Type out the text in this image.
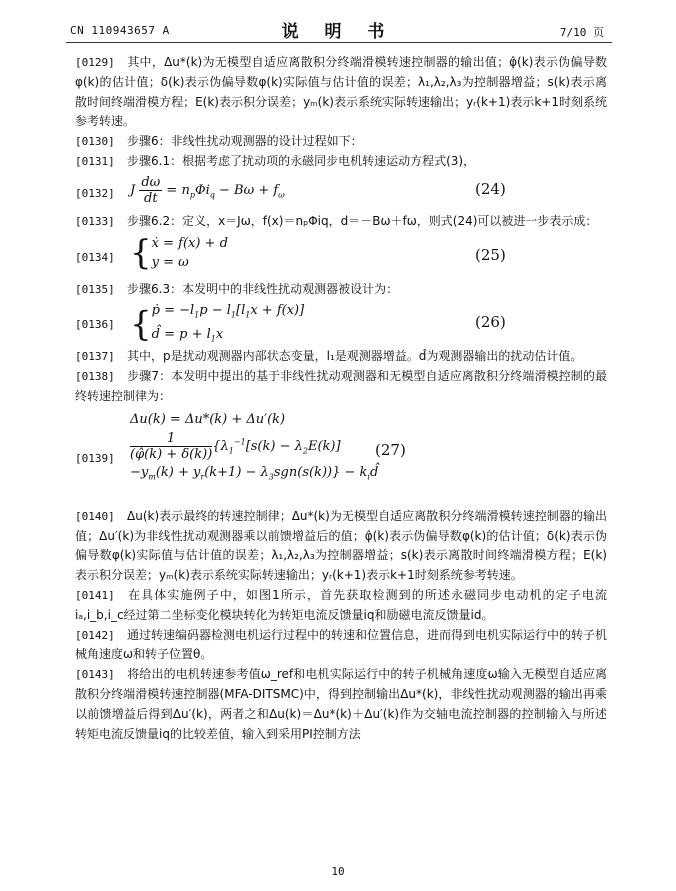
CN 110943657 A	说 明 书	7/10 页

[0129] 其中，Δu*(k)为无模型自适应离散积分终端滑模转速控制器的输出值；φ̂(k)表示伪偏导数φ(k)的估计值；δ(k)表示伪偏导数φ(k)实际值与估计值的误差；λ₁,λ₂,λ₃为控制器增益；s(k)表示离散时间终端滑模方程；E(k)表示积分误差；yₘ(k)表示系统实际转速输出；yᵣ(k+1)表示k+1时刻系统参考转速。

[0130] 步骤6：非线性扰动观测器的设计过程如下：

[0131] 步骤6.1：根据考虑了扰动项的永磁同步电机转速运动方程式(3)，

[0132]	J $\frac{d\omega}{dt} = n_p\Phi i_q - B\omega + f_\omega$	(24)

[0133] 步骤6.2：定义，x＝Jω，f(x)＝nₚΦiq，d＝－Bω＋fω，则式(24)可以被进一步表示成：

[0134] {ẋ = f(x) + d
y = ω	(25)

[0135] 步骤6.3：本发明中的非线性扰动观测器被设计为：

[0136] {ṗ = $-l_1p - l_1[l_1x + f(x)]$
d̂ = $p + l_1x$
(26)

[0137] 其中，p是扰动观测器内部状态变量，l₁是观测器增益。d̂为观测器输出的扰动估计值。

[0138] 步骤7：本发明中提出的基于非线性扰动观测器和无模型自适应离散积分终端滑模控制的最终转速控制律为：

[0139]
Δu(k) = Δu*(k) + Δu′(k)

$\frac{1}{(\varphî(k) + \delta(k))} \{\lambda_1^{-1}[s(k) - \lambda_2E(k)]$
$-y_m(k) + y_r(k+1) - \lambda_3sgn(s(k))$} − $k_id̂$
(27)

[0140] Δu(k)表示最终的转速控制律；Δu*(k)为无模型自适应离散积分终端滑模转速控制器的输出值；Δu′(k)为非线性扰动观测器乘以前馈增益后的值；φ̂(k)表示伪偏导数φ(k)的估计值；δ(k)表示伪偏导数φ(k)实际值与估计值的误差；λ₁,λ₂,λ₃为控制器增益；s(k)表示离散时间终端滑模方程；E(k)表示积分误差；yₘ(k)表示系统实际转速输出；yᵣ(k+1)表示k+1时刻系统参考转速。

[0141] 在具体实施例子中，如图1所示，首先获取检测到的所述永磁同步电动机的定子电流iₐ,i_b,i_c经过第二坐标变化模块转化为转矩电流反馈量iq和励磁电流反馈量id。

[0142] 通过转速编码器检测电机运行过程中的转速和位置信息，进而得到电机实际运行中的转子机械角速度ω和转子位置θ。

[0143] 将给出的电机转速参考值ω_ref和电机实际运行中的转子机械角速度ω输入无模型自适应离散积分终端滑模转速控制器(MFA-DITSMC)中，得到控制输出Δu*(k)，非线性扰动观测器的输出再乘以前馈增益后得到Δu′(k)，两者之和Δu(k)＝Δu*(k)＋Δu′(k)作为交轴电流控制器的控制输入与所述转矩电流反馈量iq的比较差值，输入到采用PI控制方法

10
